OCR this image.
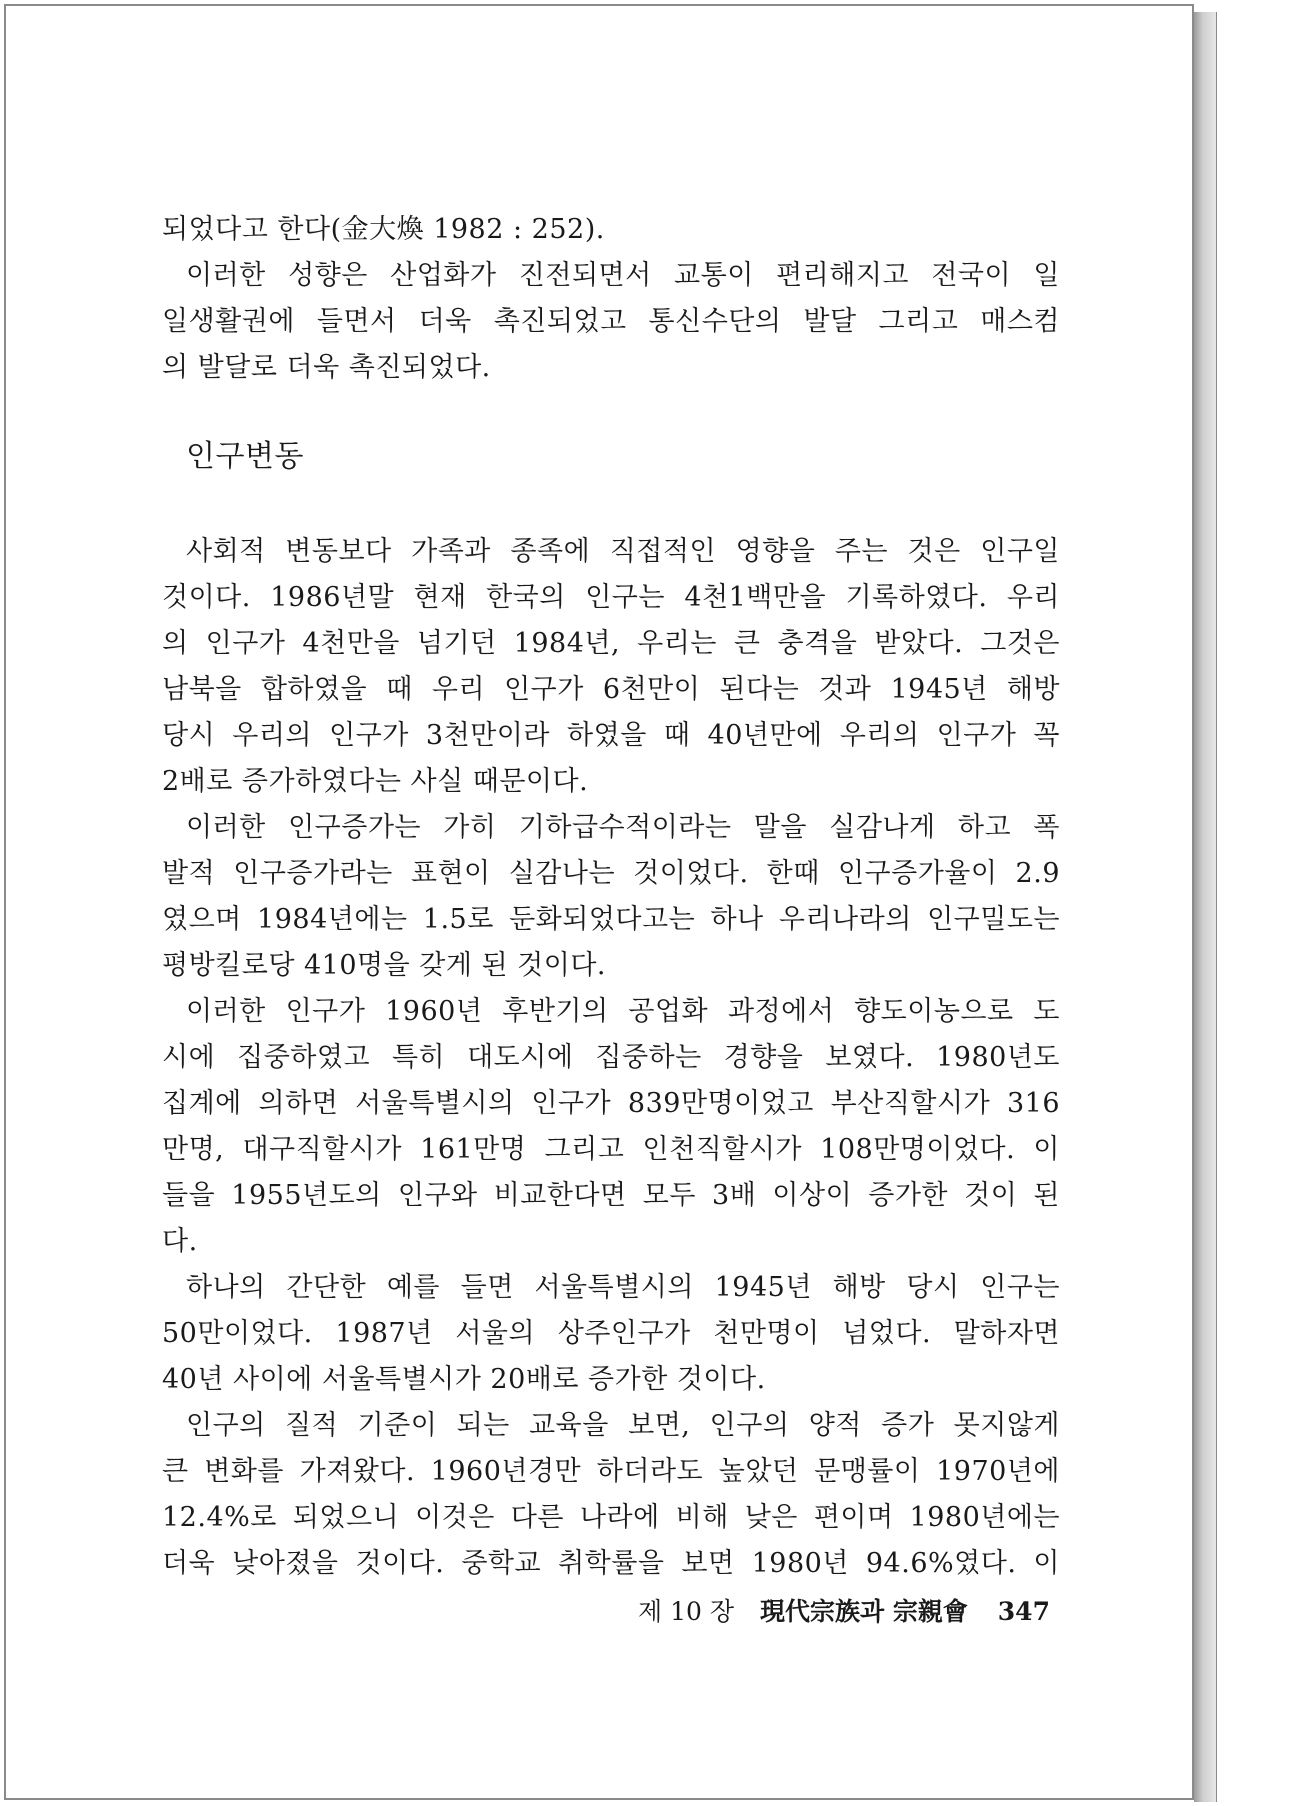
되었다고 한다(金大煥 1982 : 252).
이러한 성향은 산업화가 진전되면서 교통이 편리해지고 전국이 일
일생활권에 들면서 더욱 촉진되었고 통신수단의 발달 그리고 매스컴
의 발달로 더욱 촉진되었다.
인구변동
사회적 변동보다 가족과 종족에 직접적인 영향을 주는 것은 인구일
것이다. 1986년말 현재 한국의 인구는 4천1백만을 기록하였다. 우리
의 인구가 4천만을 넘기던 1984년, 우리는 큰 충격을 받았다. 그것은
남북을 합하였을 때 우리 인구가 6천만이 된다는 것과 1945년 해방
당시 우리의 인구가 3천만이라 하였을 때 40년만에 우리의 인구가 꼭
2배로 증가하였다는 사실 때문이다.
이러한 인구증가는 가히 기하급수적이라는 말을 실감나게 하고 폭
발적 인구증가라는 표현이 실감나는 것이었다. 한때 인구증가율이 2.9
였으며 1984년에는 1.5로 둔화되었다고는 하나 우리나라의 인구밀도는
평방킬로당 410명을 갖게 된 것이다.
이러한 인구가 1960년 후반기의 공업화 과정에서 향도이농으로 도
시에 집중하였고 특히 대도시에 집중하는 경향을 보였다. 1980년도
집계에 의하면 서울특별시의 인구가 839만명이었고 부산직할시가 316
만명, 대구직할시가 161만명 그리고 인천직할시가 108만명이었다. 이
들을 1955년도의 인구와 비교한다면 모두 3배 이상이 증가한 것이 된
다.
하나의 간단한 예를 들면 서울특별시의 1945년 해방 당시 인구는
50만이었다. 1987년 서울의 상주인구가 천만명이 넘었다. 말하자면
40년 사이에 서울특별시가 20배로 증가한 것이다.
인구의 질적 기준이 되는 교육을 보면, 인구의 양적 증가 못지않게
큰 변화를 가져왔다. 1960년경만 하더라도 높았던 문맹률이 1970년에
12.4%로 되었으니 이것은 다른 나라에 비해 낮은 편이며 1980년에는
더욱 낮아졌을 것이다. 중학교 취학률을 보면 1980년 94.6%였다. 이
제 10 장 現代宗族과 宗親會 347
